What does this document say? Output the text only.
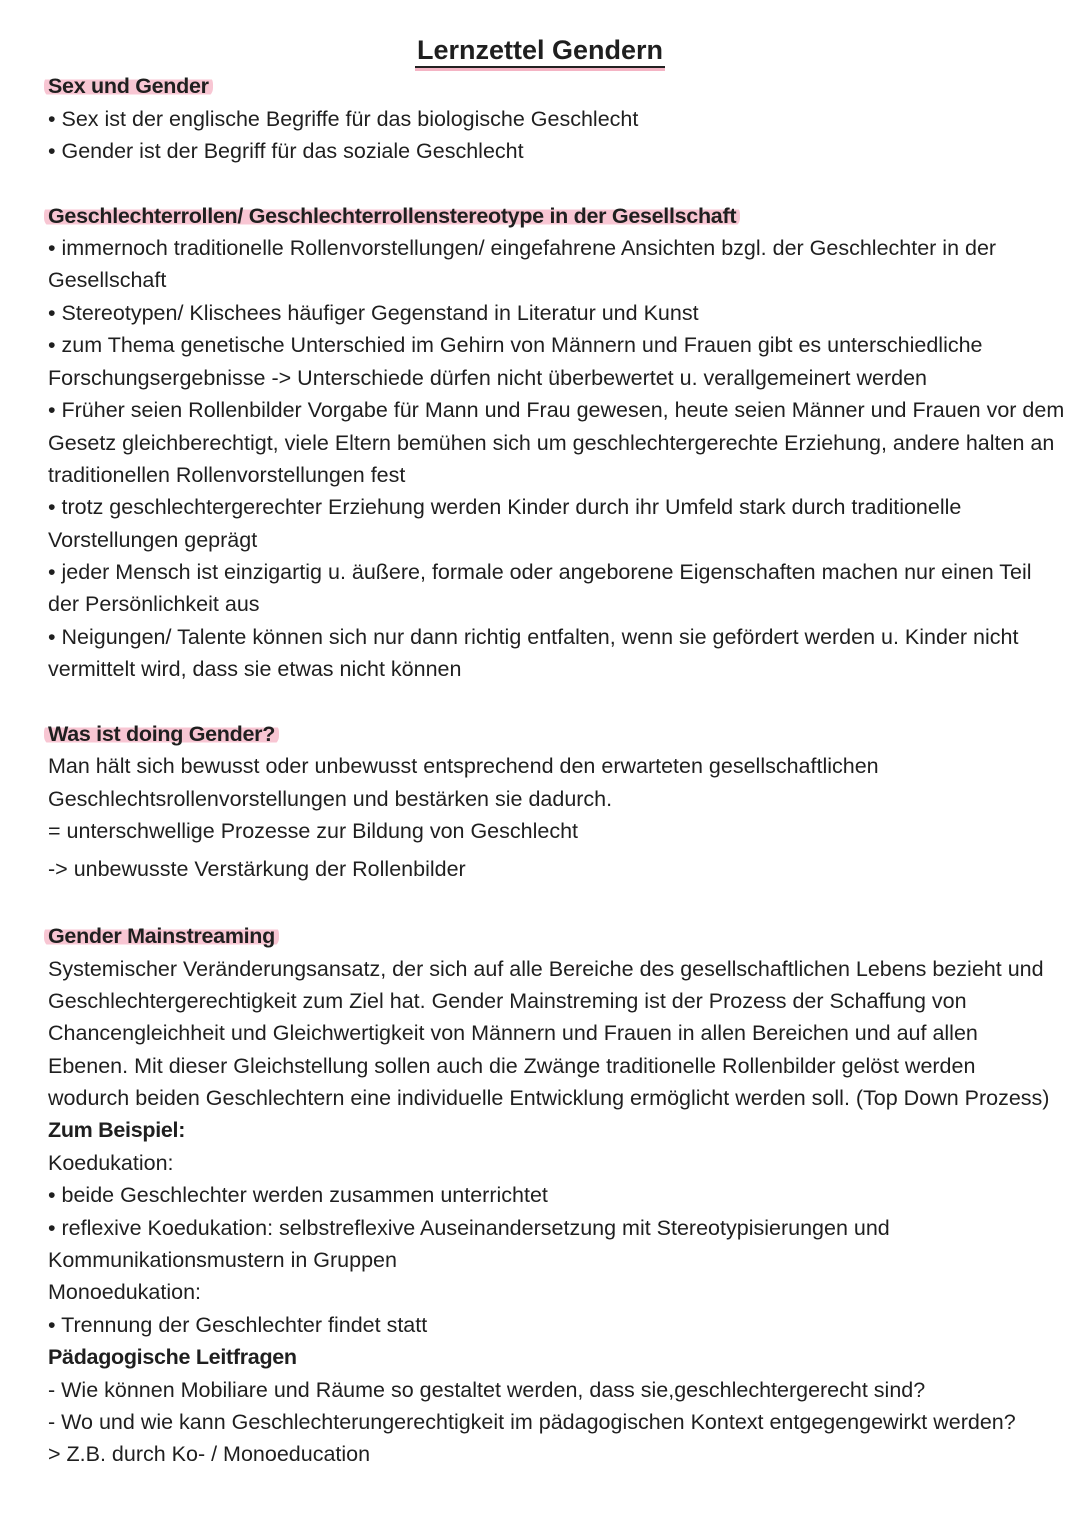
Lernzettel Gendern
Sex und Gender
• Sex ist der englische Begriffe für das biologische Geschlecht
• Gender ist der Begriff für das soziale Geschlecht
Geschlechterrollen/ Geschlechterrollenstereotype in der Gesellschaft
• immernoch traditionelle Rollenvorstellungen/ eingefahrene Ansichten bzgl. der Geschlechter in der
Gesellschaft
• Stereotypen/ Klischees häufiger Gegenstand in Literatur und Kunst
• zum Thema genetische Unterschied im Gehirn von Männern und Frauen gibt es unterschiedliche
Forschungsergebnisse -> Unterschiede dürfen nicht überbewertet u. verallgemeinert werden
• Früher seien Rollenbilder Vorgabe für Mann und Frau gewesen, heute seien Männer und Frauen vor dem
Gesetz gleichberechtigt, viele Eltern bemühen sich um geschlechtergerechte Erziehung, andere halten an
traditionellen Rollenvorstellungen fest
• trotz geschlechtergerechter Erziehung werden Kinder durch ihr Umfeld stark durch traditionelle
Vorstellungen geprägt
• jeder Mensch ist einzigartig u. äußere, formale oder angeborene Eigenschaften machen nur einen Teil
der Persönlichkeit aus
• Neigungen/ Talente können sich nur dann richtig entfalten, wenn sie gefördert werden u. Kinder nicht
vermittelt wird, dass sie etwas nicht können
Was ist doing Gender?
Man hält sich bewusst oder unbewusst entsprechend den erwarteten gesellschaftlichen
Geschlechtsrollenvorstellungen und bestärken sie dadurch.
= unterschwellige Prozesse zur Bildung von Geschlecht
-> unbewusste Verstärkung der Rollenbilder
Gender Mainstreaming
Systemischer Veränderungsansatz, der sich auf alle Bereiche des gesellschaftlichen Lebens bezieht und
Geschlechtergerechtigkeit zum Ziel hat. Gender Mainstreming ist der Prozess der Schaffung von
Chancengleichheit und Gleichwertigkeit von Männern und Frauen in allen Bereichen und auf allen
Ebenen. Mit dieser Gleichstellung sollen auch die Zwänge traditionelle Rollenbilder gelöst werden
wodurch beiden Geschlechtern eine individuelle Entwicklung ermöglicht werden soll. (Top Down Prozess)
Zum Beispiel:
Koedukation:
• beide Geschlechter werden zusammen unterrichtet
• reflexive Koedukation: selbstreflexive Auseinandersetzung mit Stereotypisierungen und
Kommunikationsmustern in Gruppen
Monoedukation:
• Trennung der Geschlechter findet statt
Pädagogische Leitfragen
- Wie können Mobiliare und Räume so gestaltet werden, dass sie,geschlechtergerecht sind?
- Wo und wie kann Geschlechterungerechtigkeit im pädagogischen Kontext entgegengewirkt werden?
> Z.B. durch Ko- / Monoeducation
